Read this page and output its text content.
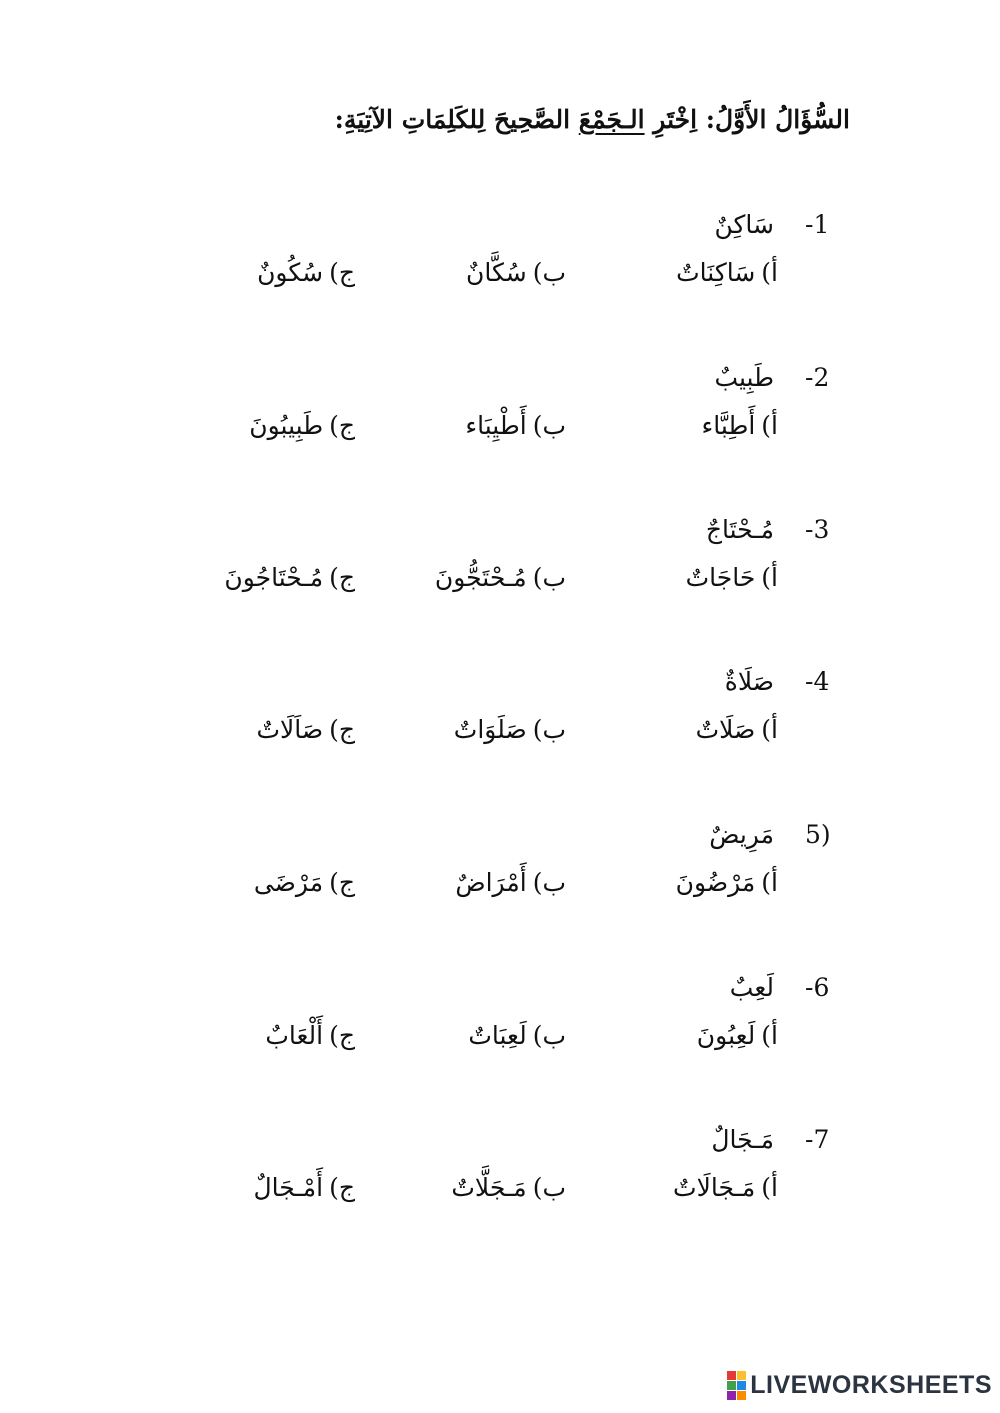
السُّؤَالُ الأَوَّلُ: اِخْتَرِ الـجَمْعَ الصَّحِيحَ لِلكَلِمَاتِ الآتِيَةِ:
-1
سَاكِنٌ
أ)سَاكِنَاتٌ
ب)سُكَّانٌ
ج)سُكُونٌ
-2
طَبِيبٌ
أ)أَطِبَّاء
ب)أَطْيِبَاء
ج)طَبِيبُونَ
-3
مُـحْتَاجٌ
أ)حَاجَاتٌ
ب)مُـحْتَجُّونَ
ج)مُـحْتَاجُونَ
-4
صَلَاةٌ
أ)صَلَاتٌ
ب)صَلَوَاتٌ
ج)صَاَلَاتٌ
5)
مَرِيضٌ
أ)مَرْضُونَ
ب)أَمْرَاضٌ
ج)مَرْضَى
-6
لَعِبٌ
أ)لَعِبُونَ
ب)لَعِبَاتٌ
ج)أَلْعَابٌ
-7
مَـجَالٌ
أ)مَـجَالَاتٌ
ب)مَـجَلَّاتٌ
ج)أَمْـجَالٌ
LIVEWORKSHEETS
